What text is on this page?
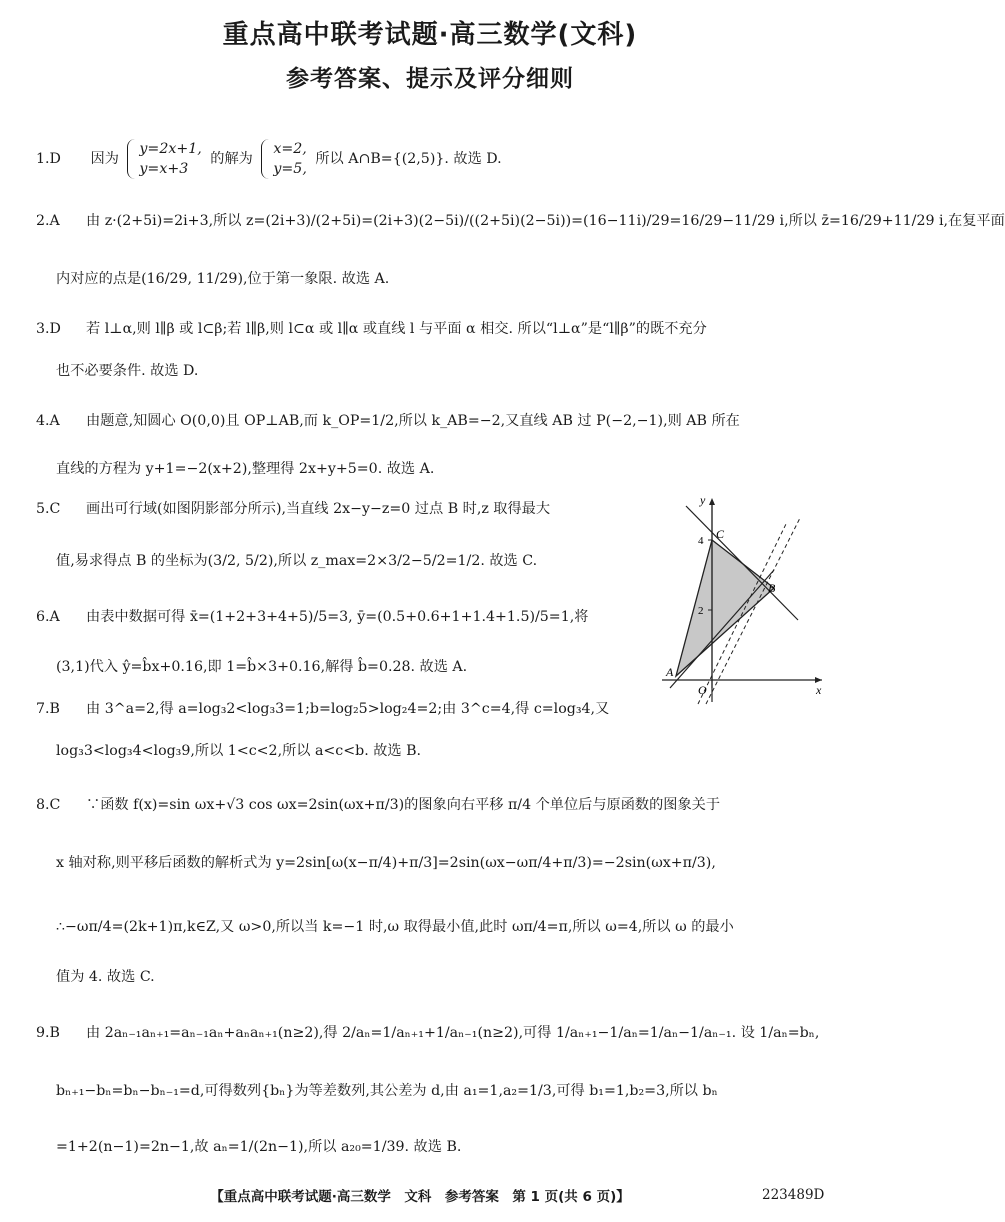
重点高中联考试题·高三数学(文科)
参考答案、提示及评分细则
1.D 因为
y=2x+1,
y=x+3
的解为
x=2,
y=5,
所以 A∩B={(2,5)}. 故选 D.
2.A 由 z·(2+5i)=2i+3,所以 z=(2i+3)/(2+5i)=(2i+3)(2−5i)/((2+5i)(2−5i))=(16−11i)/29=16/29−11/29 i,所以 z̄=16/29+11/29 i,在复平面
内对应的点是(16/29, 11/29),位于第一象限. 故选 A.
3.D 若 l⊥α,则 l∥β 或 l⊂β;若 l∥β,则 l⊂α 或 l∥α 或直线 l 与平面 α 相交. 所以“l⊥α”是“l∥β”的既不充分
也不必要条件. 故选 D.
4.A 由题意,知圆心 O(0,0)且 OP⊥AB,而 k_OP=1/2,所以 k_AB=−2,又直线 AB 过 P(−2,−1),则 AB 所在
直线的方程为 y+1=−2(x+2),整理得 2x+y+5=0. 故选 A.
5.C 画出可行域(如图阴影部分所示),当直线 2x−y−z=0 过点 B 时,z 取得最大
值,易求得点 B 的坐标为(3/2, 5/2),所以 z_max=2×3/2−5/2=1/2. 故选 C.
6.A 由表中数据可得 x̄=(1+2+3+4+5)/5=3, ȳ=(0.5+0.6+1+1.4+1.5)/5=1,将
(3,1)代入 ŷ=b̂x+0.16,即 1=b̂×3+0.16,解得 b̂=0.28. 故选 A.
7.B 由 3^a=2,得 a=log₃2<log₃3=1;b=log₂5>log₂4=2;由 3^c=4,得 c=log₃4,又
log₃3<log₃4<log₃9,所以 1<c<2,所以 a<c<b. 故选 B.
8.C ∵函数 f(x)=sin ωx+√3 cos ωx=2sin(ωx+π/3)的图象向右平移 π/4 个单位后与原函数的图象关于
x 轴对称,则平移后函数的解析式为 y=2sin[ω(x−π/4)+π/3]=2sin(ωx−ωπ/4+π/3)=−2sin(ωx+π/3),
∴−ωπ/4=(2k+1)π,k∈Z,又 ω>0,所以当 k=−1 时,ω 取得最小值,此时 ωπ/4=π,所以 ω=4,所以 ω 的最小
值为 4. 故选 C.
9.B 由 2aₙ₋₁aₙ₊₁=aₙ₋₁aₙ+aₙaₙ₊₁(n≥2),得 2/aₙ=1/aₙ₊₁+1/aₙ₋₁(n≥2),可得 1/aₙ₊₁−1/aₙ=1/aₙ−1/aₙ₋₁. 设 1/aₙ=bₙ,
bₙ₊₁−bₙ=bₙ−bₙ₋₁=d,可得数列{bₙ}为等差数列,其公差为 d,由 a₁=1,a₂=1/3,可得 b₁=1,b₂=3,所以 bₙ
=1+2(n−1)=2n−1,故 aₙ=1/(2n−1),所以 a₂₀=1/39. 故选 B.
x
y
O
A
B
C
2
4
【重点高中联考试题·高三数学　文科　参考答案　第 1 页(共 6 页)】	223489D
